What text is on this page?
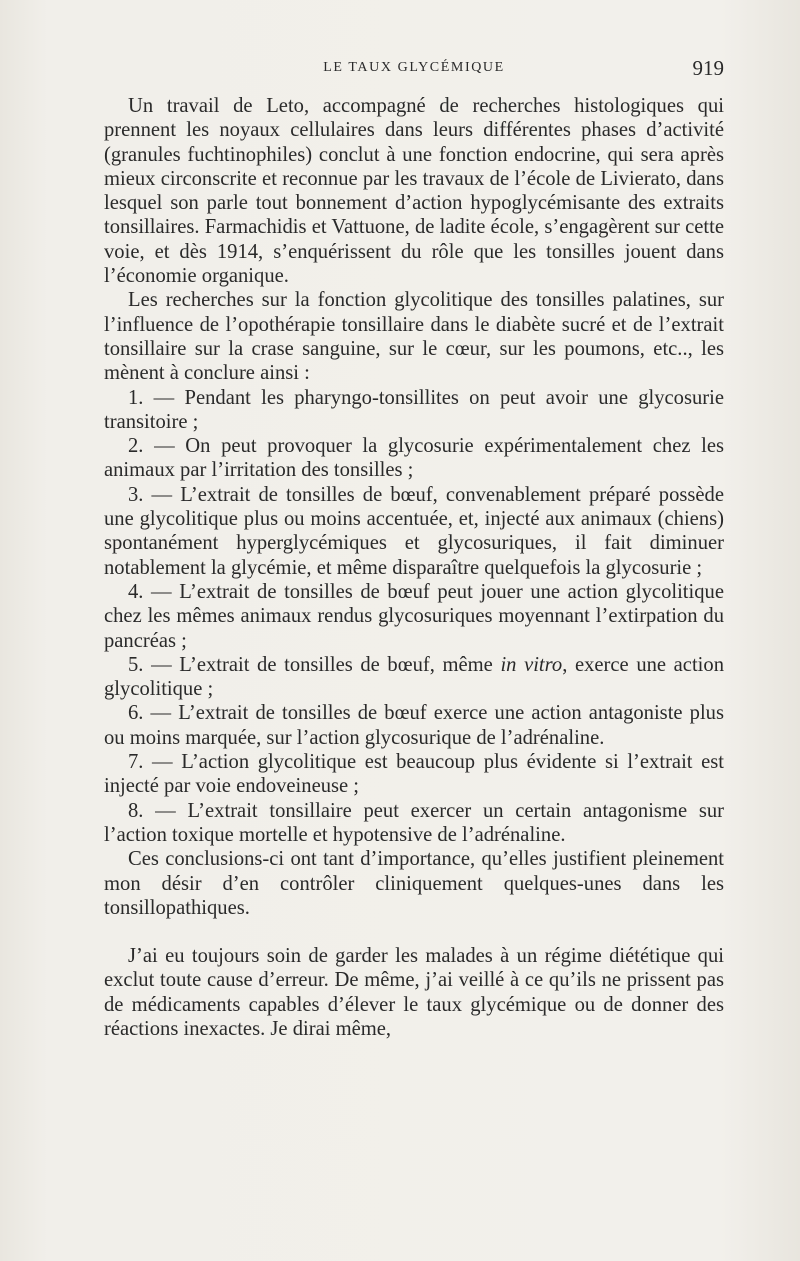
LE TAUX GLYCÉMIQUE	919

Un travail de Leto, accompagné de recherches histologiques qui prennent les noyaux cellulaires dans leurs différentes phases d’activité (granules fuchtinophiles) conclut à une fonction endocrine, qui sera après mieux circonscrite et reconnue par les travaux de l’école de Livierato, dans lesquel son parle tout bonnement d’action hypoglycémisante des extraits tonsillaires. Farmachidis et Vattuone, de ladite école, s’engagèrent sur cette voie, et dès 1914, s’enquérissent du rôle que les tonsilles jouent dans l’économie organique.

Les recherches sur la fonction glycolitique des tonsilles palatines, sur l’influence de l’opothérapie tonsillaire dans le diabète sucré et de l’extrait tonsillaire sur la crase sanguine, sur le cœur, sur les poumons, etc.., les mènent à conclure ainsi :

1. — Pendant les pharyngo-tonsillites on peut avoir une glycosurie transitoire ;

2. — On peut provoquer la glycosurie expérimentalement chez les animaux par l’irritation des tonsilles ;

3. — L’extrait de tonsilles de bœuf, convenablement préparé possède une glycolitique plus ou moins accentuée, et, injecté aux animaux (chiens) spontanément hyperglycémiques et glycosuriques, il fait diminuer notablement la glycémie, et même disparaître quelquefois la glycosurie ;

4. — L’extrait de tonsilles de bœuf peut jouer une action glycolitique chez les mêmes animaux rendus glycosuriques moyennant l’extirpation du pancréas ;

5. — L’extrait de tonsilles de bœuf, même in vitro, exerce une action glycolitique ;

6. — L’extrait de tonsilles de bœuf exerce une action antagoniste plus ou moins marquée, sur l’action glycosurique de l’adrénaline.

7. — L’action glycolitique est beaucoup plus évidente si l’extrait est injecté par voie endoveineuse ;

8. — L’extrait tonsillaire peut exercer un certain antagonisme sur l’action toxique mortelle et hypotensive de l’adrénaline.

Ces conclusions-ci ont tant d’importance, qu’elles justifient pleinement mon désir d’en contrôler cliniquement quelques-unes dans les tonsillopathiques.

J’ai eu toujours soin de garder les malades à un régime diététique qui exclut toute cause d’erreur. De même, j’ai veillé à ce qu’ils ne prissent pas de médicaments capables d’élever le taux glycémique ou de donner des réactions inexactes. Je dirai même,
